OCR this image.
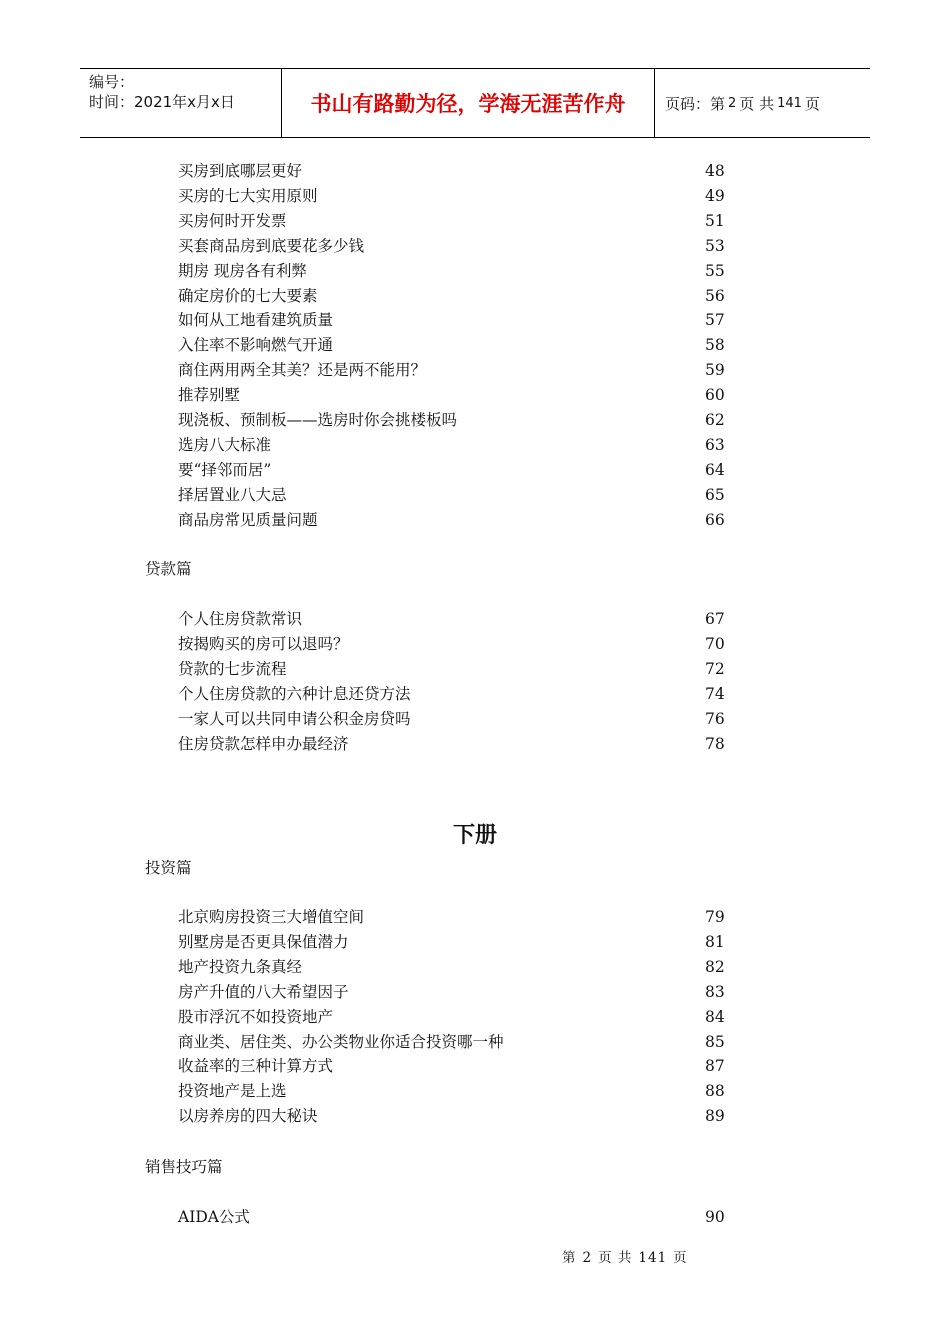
编号：
时间：2021年x月x日	书山有路勤为径，学海无涯苦作舟	页码：第 2 页 共 141 页
买房到底哪层更好	48
买房的七大实用原则	49
买房何时开发票	51
买套商品房到底要花多少钱	53
期房 现房各有利弊	55
确定房价的七大要素	56
如何从工地看建筑质量	57
入住率不影响燃气开通	58
商住两用两全其美？还是两不能用？	59
推荐别墅	60
现浇板、预制板——选房时你会挑楼板吗	62
选房八大标准	63
要“择邻而居”	64
择居置业八大忌	65
商品房常见质量问题	66
贷款篇
个人住房贷款常识	67
按揭购买的房可以退吗？	70
贷款的七步流程	72
个人住房贷款的六种计息还贷方法	74
一家人可以共同申请公积金房贷吗	76
住房贷款怎样申办最经济	78
下册
投资篇
北京购房投资三大增值空间	79
别墅房是否更具保值潜力	81
地产投资九条真经	82
房产升值的八大希望因子	83
股市浮沉不如投资地产	84
商业类、居住类、办公类物业你适合投资哪一种	85
收益率的三种计算方式	87
投资地产是上选	88
以房养房的四大秘诀	89
销售技巧篇
AIDA公式	90
第 2 页 共 141 页
